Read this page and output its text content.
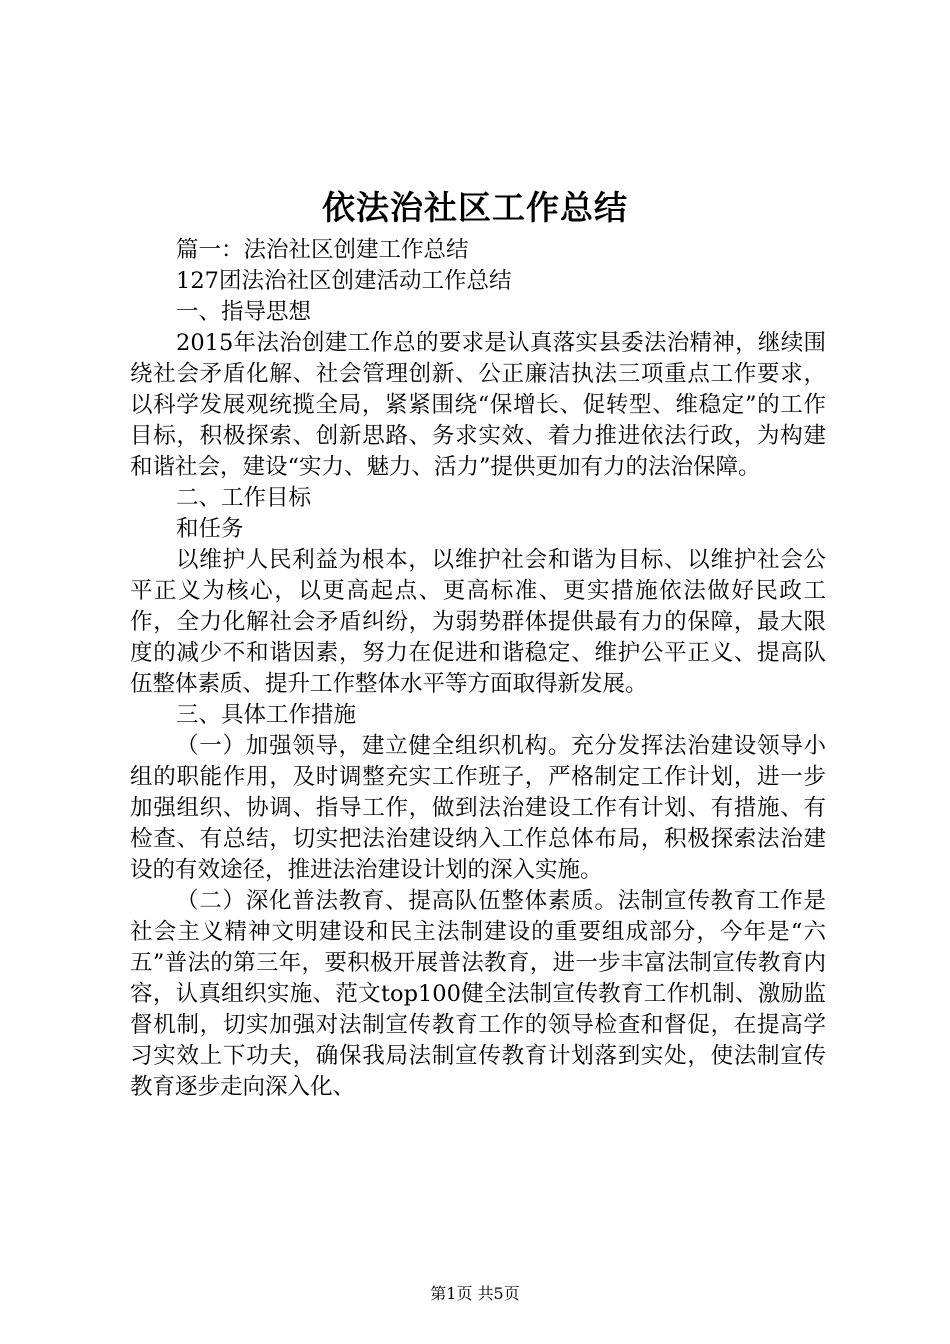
依法治社区工作总结

篇一：法治社区创建工作总结

127团法治社区创建活动工作总结

一、指导思想

2015年法治创建工作总的要求是认真落实县委法治精神，继续围绕社会矛盾化解、社会管理创新、公正廉洁执法三项重点工作要求，以科学发展观统揽全局，紧紧围绕“保增长、促转型、维稳定”的工作目标，积极探索、创新思路、务求实效、着力推进依法行政，为构建和谐社会，建设“实力、魅力、活力”提供更加有力的法治保障。

二、工作目标

和任务

以维护人民利益为根本，以维护社会和谐为目标、以维护社会公平正义为核心，以更高起点、更高标准、更实措施依法做好民政工作，全力化解社会矛盾纠纷，为弱势群体提供最有力的保障，最大限度的减少不和谐因素，努力在促进和谐稳定、维护公平正义、提高队伍整体素质、提升工作整体水平等方面取得新发展。

三、具体工作措施

（一）加强领导，建立健全组织机构。充分发挥法治建设领导小组的职能作用，及时调整充实工作班子，严格制定工作计划，进一步加强组织、协调、指导工作，做到法治建设工作有计划、有措施、有检查、有总结，切实把法治建设纳入工作总体布局，积极探索法治建设的有效途径，推进法治建设计划的深入实施。

（二）深化普法教育、提高队伍整体素质。法制宣传教育工作是社会主义精神文明建设和民主法制建设的重要组成部分，今年是“六五”普法的第三年，要积极开展普法教育，进一步丰富法制宣传教育内容，认真组织实施、范文top100健全法制宣传教育工作机制、激励监督机制，切实加强对法制宣传教育工作的领导检查和督促，在提高学习实效上下功夫，确保我局法制宣传教育计划落到实处，使法制宣传教育逐步走向深入化、

第1页 共5页
